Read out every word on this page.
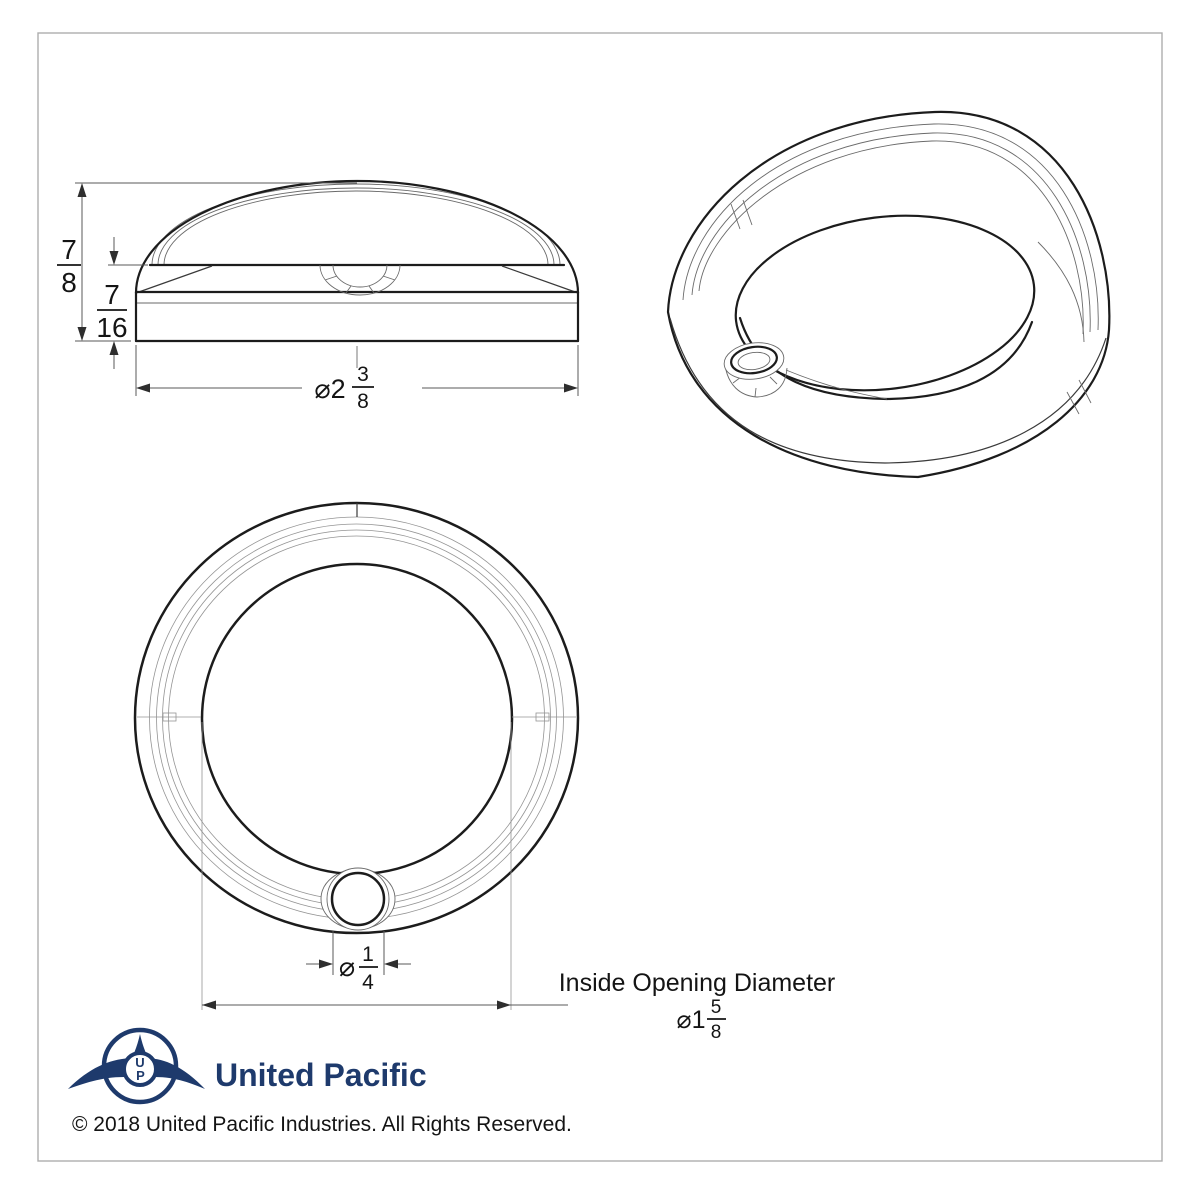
7
8 7
16
⌀2 3
8
⌀ 1
4	Inside Opening Diameter
⌀1 5
8
U
P United Pacific
© 2018 United Pacific Industries. All Rights Reserved.
